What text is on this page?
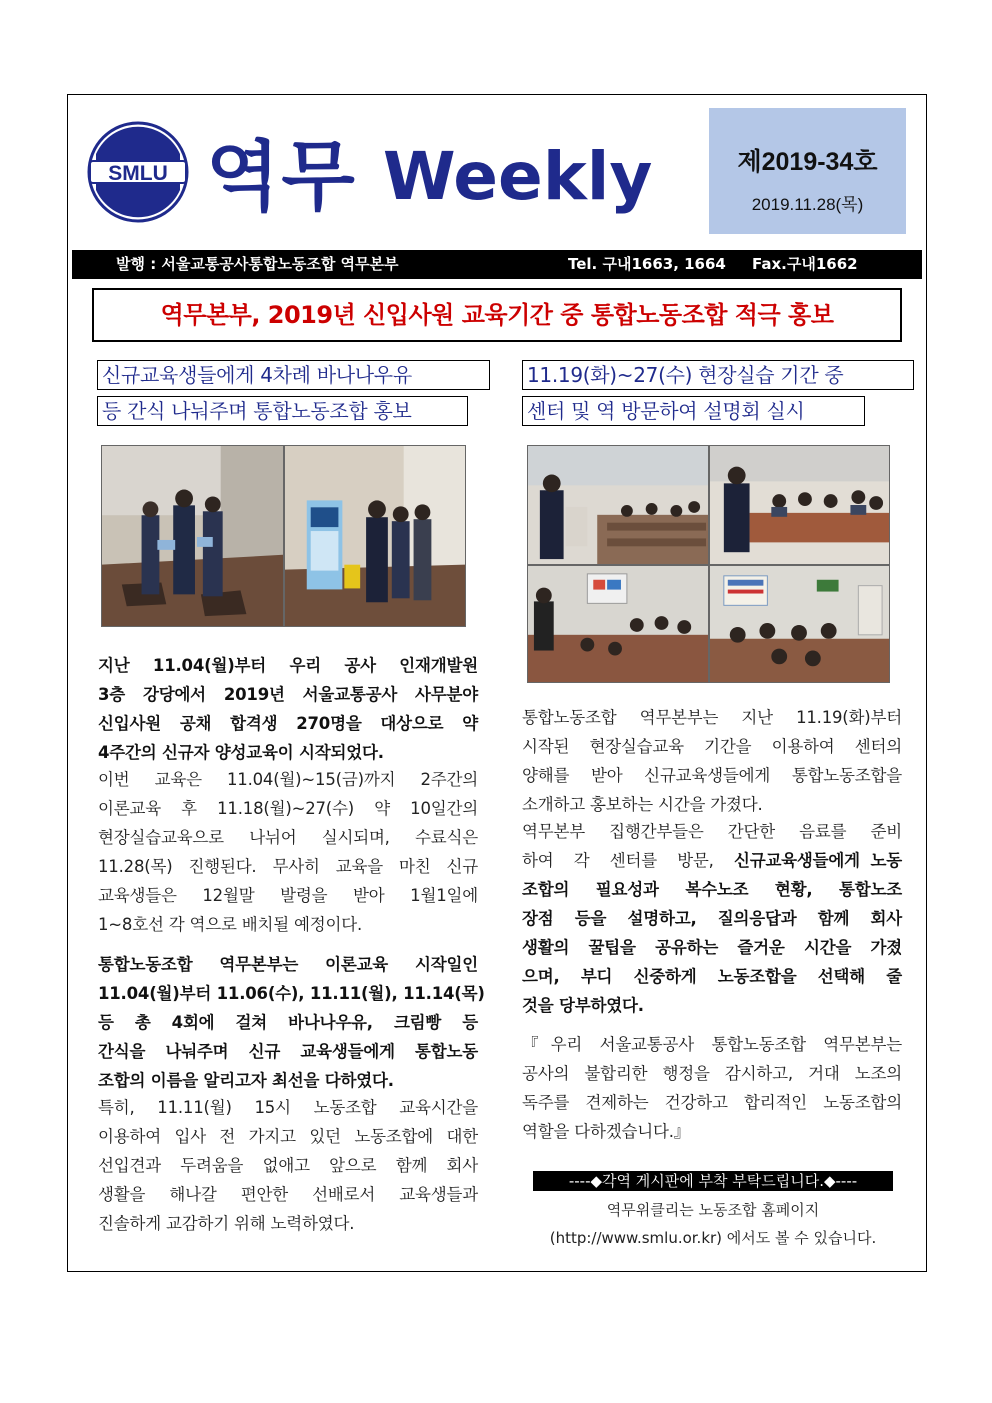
SMLU 역무 Weekly	제2019-34호
2019.11.28(목)
발행 : 서울교통공사통합노동조합 역무본부	Tel. 구내1663, 1664     Fax.구내1662
역무본부, 2019년 신입사원 교육기간 중 통합노동조합 적극 홍보
신규교육생들에게 4차례 바나나우유
등 간식 나눠주며 통합노동조합 홍보
11.19(화)~27(수) 현장실습 기간 중
센터 및 역 방문하여 설명회 실시
지난 11.04(월)부터 우리 공사 인재개발원
3층 강당에서 2019년 서울교통공사 사무분야
신입사원 공채 합격생 270명을 대상으로 약
4주간의 신규자 양성교육이 시작되었다.
이번 교육은 11.04(월)~15(금)까지 2주간의
이론교육 후 11.18(월)~27(수) 약 10일간의
현장실습교육으로 나뉘어 실시되며, 수료식은
11.28(목) 진행된다. 무사히 교육을 마친 신규
교육생들은 12월말 발령을 받아 1월1일에
1~8호선 각 역으로 배치될 예정이다.
통합노동조합 역무본부는 이론교육 시작일인
11.04(월)부터 11.06(수), 11.11(월), 11.14(목)
등 총 4회에 걸쳐 바나나우유, 크림빵 등
간식을 나눠주며 신규 교육생들에게 통합노동
조합의 이름을 알리고자 최선을 다하였다.
특히, 11.11(월) 15시 노동조합 교육시간을
이용하여 입사 전 가지고 있던 노동조합에 대한
선입견과 두려움을 없애고 앞으로 함께 회사
생활을 해나갈 편안한 선배로서 교육생들과
진솔하게 교감하기 위해 노력하였다.
통합노동조합 역무본부는 지난 11.19(화)부터
시작된 현장실습교육 기간을 이용하여 센터의
양해를 받아 신규교육생들에게 통합노동조합을
소개하고 홍보하는 시간을 가졌다.
역무본부 집행간부들은 간단한 음료를 준비
하여  각  센터를  방문,  신규교육생들에게 노동
조합의 필요성과 복수노조 현황, 통합노조
장점 등을 설명하고, 질의응답과 함께 회사
생활의 꿀팁을 공유하는 즐거운 시간을 가졌
으며, 부디 신중하게 노동조합을 선택해 줄
것을 당부하였다.
『우리 서울교통공사 통합노동조합 역무본부는
공사의 불합리한 행정을 감시하고, 거대 노조의
독주를 견제하는 건강하고 합리적인 노동조합의
역할을 다하겠습니다.』
----◆각역 게시판에 부착 부탁드립니다.◆----
역무위클리는 노동조합 홈페이지
(http://www.smlu.or.kr) 에서도 볼 수 있습니다.
